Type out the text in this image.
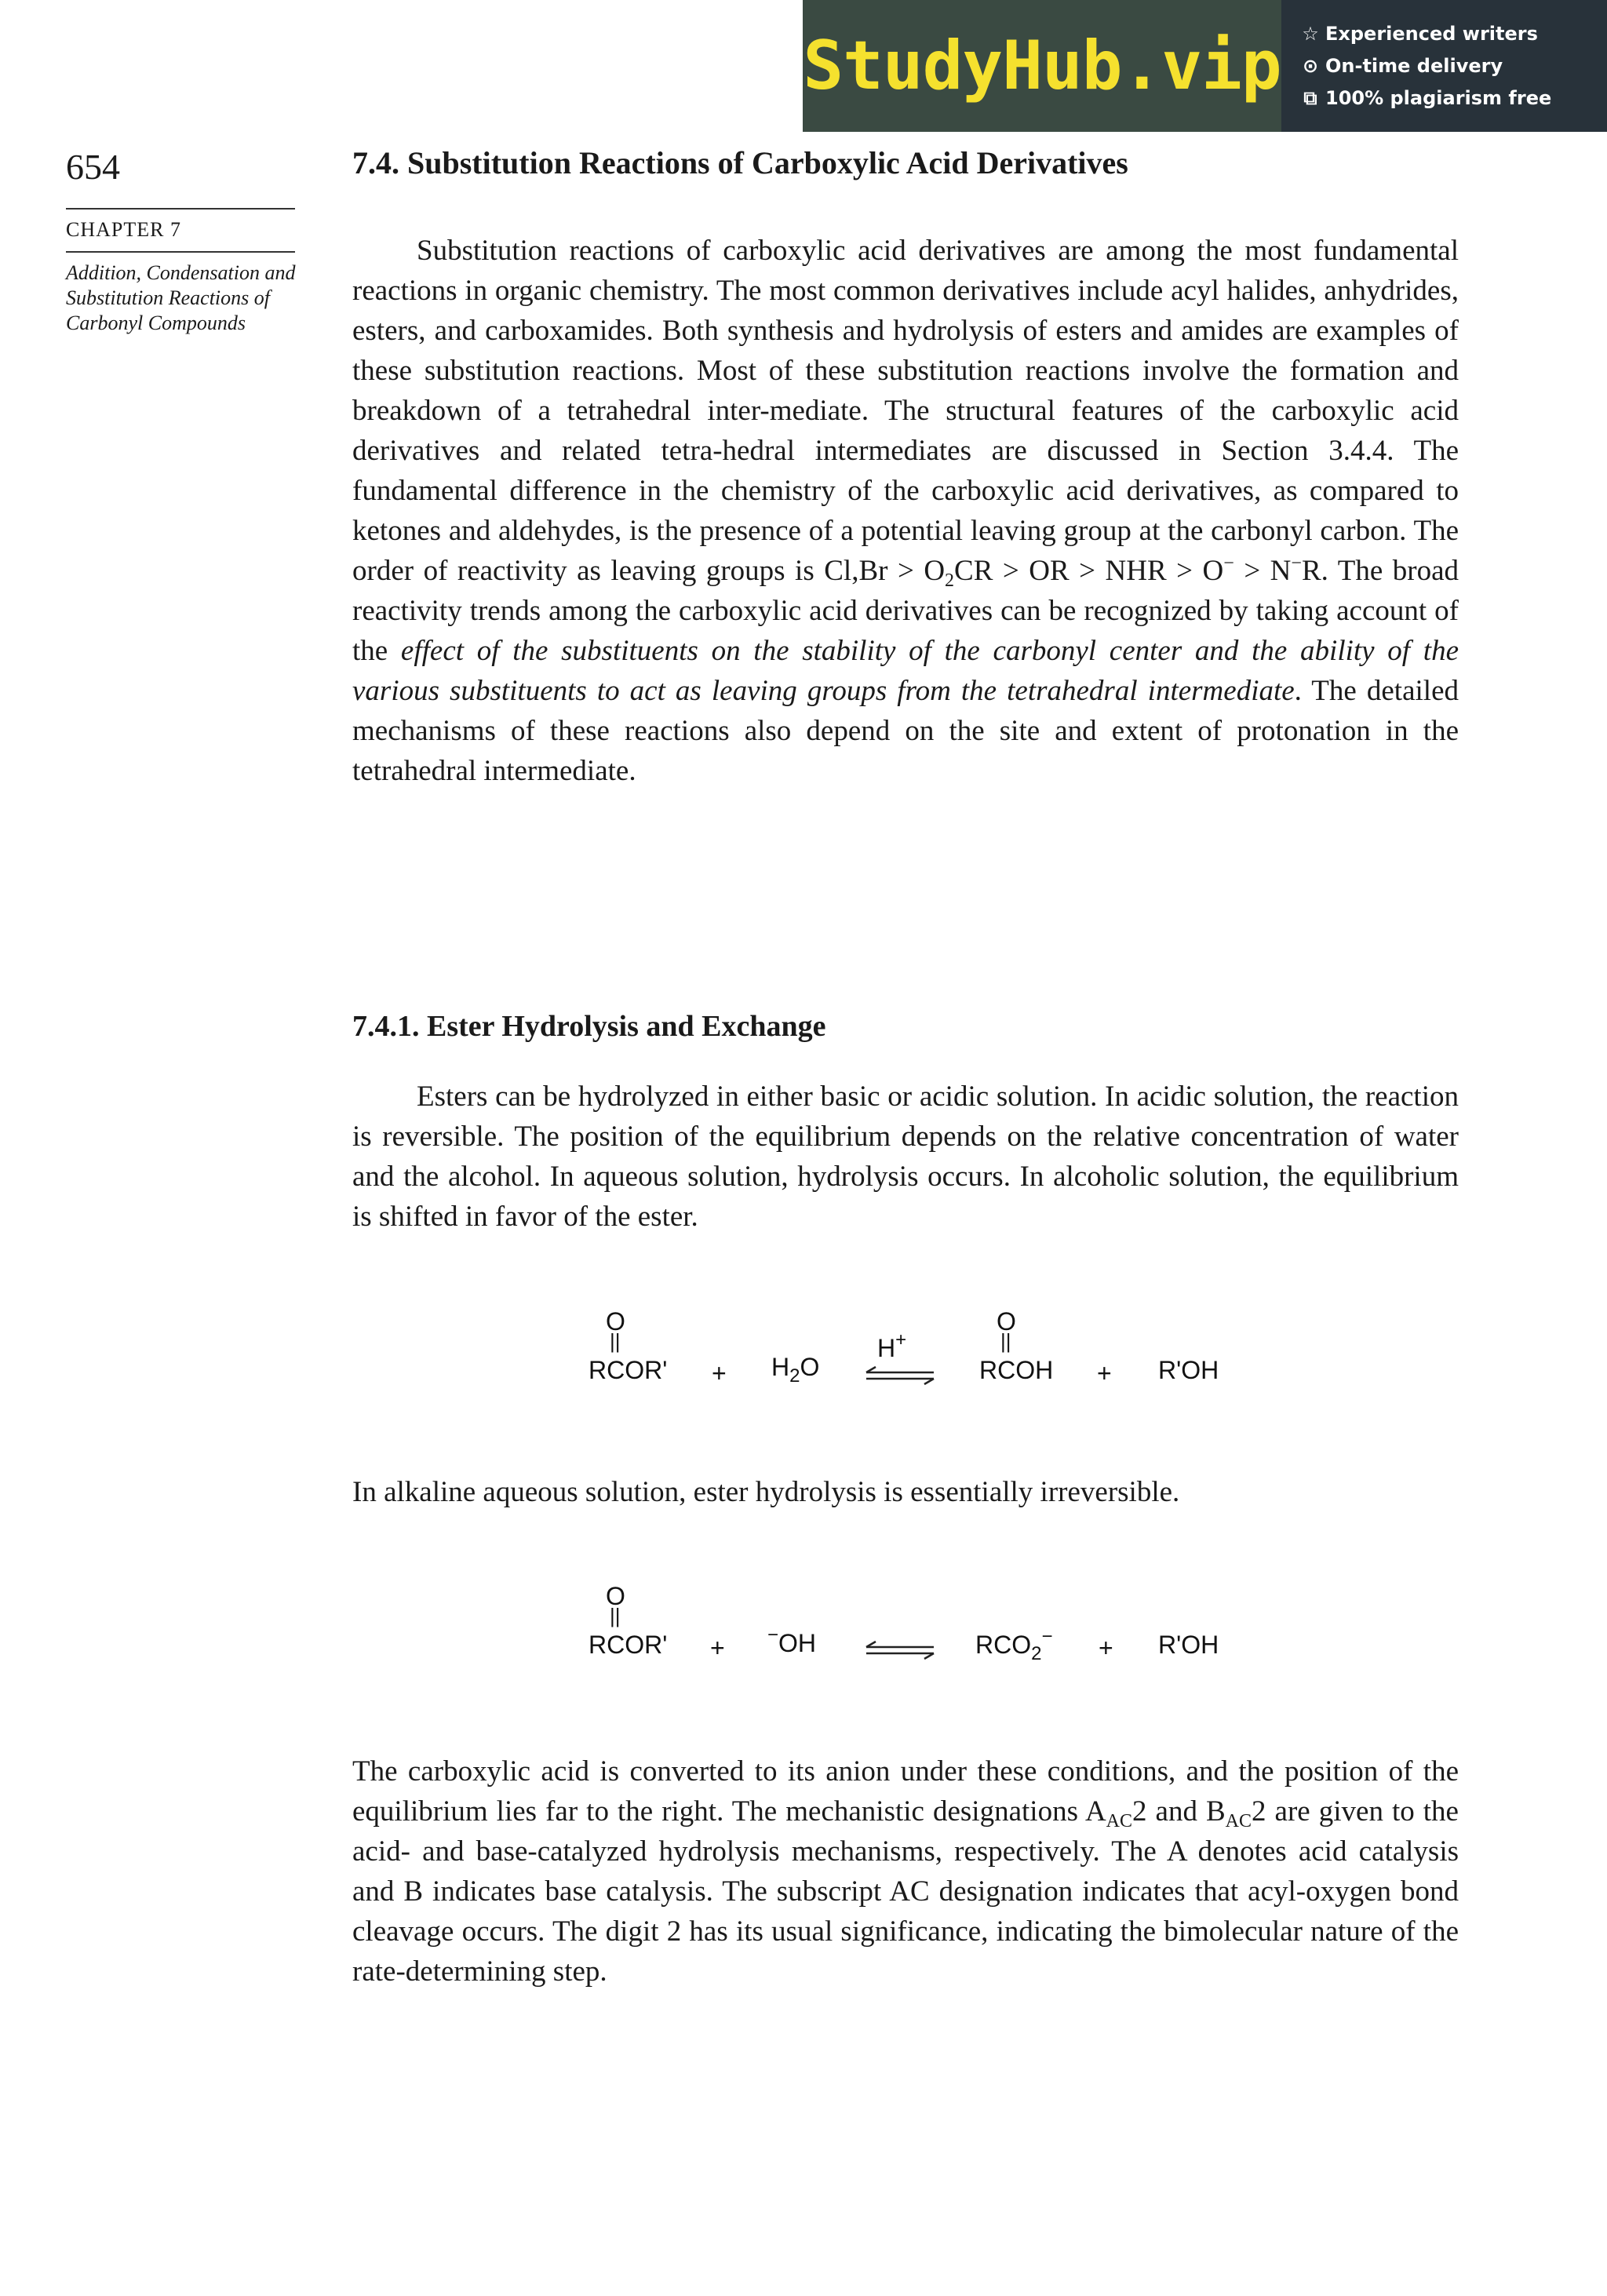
StudyHub.vip ☆ Experienced writers
⊙ On-time delivery
⧉ 100% plagiarism free
654
CHAPTER 7
Addition, Condensation and Substitution Reactions of Carbonyl Compounds
7.4. Substitution Reactions of Carboxylic Acid Derivatives

Substitution reactions of carboxylic acid derivatives are among the most fundamental reactions in organic chemistry. The most common derivatives include acyl halides, anhydrides, esters, and carboxamides. Both synthesis and hydrolysis of esters and amides are examples of these substitution reactions. Most of these substitution reactions involve the formation and breakdown of a tetrahedral inter-mediate. The structural features of the carboxylic acid derivatives and related tetra-hedral intermediates are discussed in Section 3.4.4. The fundamental difference in the chemistry of the carboxylic acid derivatives, as compared to ketones and aldehydes, is the presence of a potential leaving group at the carbonyl carbon. The order of reactivity as leaving groups is $Cl,Br > O_2CR$ > OR > NHR > O− > N−R. The broad reactivity trends among the carboxylic acid derivatives can be recognized by taking account of the effect of the substituents on the stability of the carbonyl center and the ability of the various substituents to act as leaving groups from the tetrahedral intermediate. The detailed mechanisms of these reactions also depend on the site and extent of protonation in the tetrahedral intermediate.

7.4.1. Ester Hydrolysis and Exchange

Esters can be hydrolyzed in either basic or acidic solution. In acidic solution, the reaction is reversible. The position of the equilibrium depends on the relative concentration of water and the alcohol. In aqueous solution, hydrolysis occurs. In alcoholic solution, the equilibrium is shifted in favor of the ester.

O
||
RCOR' + $H_2O$
H+
O
||
RCOH + R'OH

In alkaline aqueous solution, ester hydrolysis is essentially irreversible.

O
||
RCOR' + −OH	$RCO_2^- + R'OH$

The carboxylic acid is converted to its anion under these conditions, and the position of the equilibrium lies far to the right. The mechanistic designations $A_{AC}2$ and $B_{AC}2$ are given to the acid- and base-catalyzed hydrolysis mechanisms, respectively. The A denotes acid catalysis and B indicates base catalysis. The subscript AC designation indicates that acyl-oxygen bond cleavage occurs. The digit 2 has its usual significance, indicating the bimolecular nature of the rate-determining step.
